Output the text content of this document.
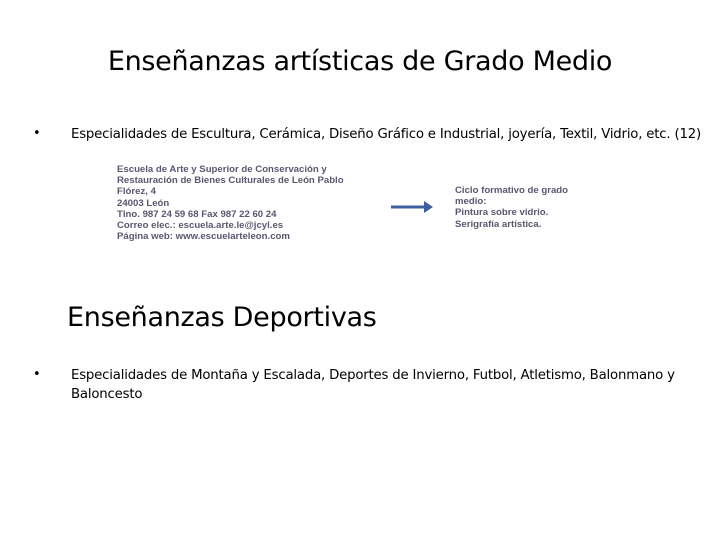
Enseñanzas artísticas de Grado Medio
• Especialidades de Escultura, Cerámica, Diseño Gráfico e Industrial, joyería, Textil, Vidrio, etc. (12)
Escuela de Arte y Superior de Conservación y
Restauración de Bienes Culturales de León Pablo
Flórez, 4
24003 León
Tlno. 987 24 59 68 Fax 987 22 60 24
Correo elec.: escuela.arte.le@jcyl.es
Página web: www.escuelarteleon.com
Ciclo formativo de grado
medio:
Pintura sobre vidrio.
Serigrafía artística.
Enseñanzas Deportivas
• Especialidades de Montaña y Escalada, Deportes de Invierno, Futbol, Atletismo, Balonmano y
Baloncesto
